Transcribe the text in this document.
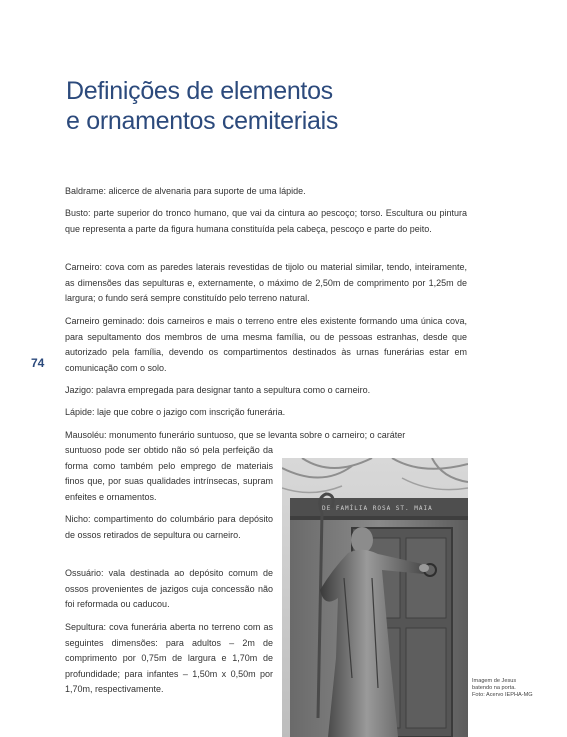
Definições de elementos
e ornamentos cemiteriais
74
Baldrame: alicerce de alvenaria para suporte de uma lápide.
Busto: parte superior do tronco humano, que vai da cintura ao pescoço; torso. Escultura ou pintura que representa a parte da figura humana constituída pela cabeça, pescoço e parte do peito.
Carneiro: cova com as paredes laterais revestidas de tijolo ou material similar, tendo, inteiramente, as dimensões das sepulturas e, externamente, o máximo de 2,50m de comprimento por 1,25m de largura; o fundo será sempre constituído pelo terreno natural.
Carneiro geminado: dois carneiros e mais o terreno entre eles existente formando uma única cova, para sepultamento dos membros de uma mesma família, ou de pessoas estranhas, desde que autorizado pela família, devendo os compartimentos destinados às urnas funerárias estar em comunicação com o solo.
Jazigo: palavra empregada para designar tanto a sepultura como o carneiro.
Lápide: laje que cobre o jazigo com inscrição funerária.
Mausoléu: monumento funerário suntuoso, que se levanta sobre o carneiro; o caráter
suntuoso pode ser obtido não só pela perfeição da forma como também pelo emprego de materiais finos que, por suas qualidades intrínsecas, supram enfeites e ornamentos.
Nicho: compartimento do columbário para depósito de ossos retirados de sepultura ou carneiro.
Ossuário: vala destinada ao depósito comum de ossos provenientes de jazigos cuja concessão não foi reformada ou caducou.
Sepultura: cova funerária aberta no terreno com as seguintes dimensões: para adultos – 2m de comprimento por 0,75m de largura e 1,70m de profundidade; para infantes – 1,50m x 0,50m por 1,70m, respectivamente.
DE FAMÍLIA ROSA ST. MAIA
Imagem de Jesus
batendo na porta.
Foto: Acervo IEPHA-MG
